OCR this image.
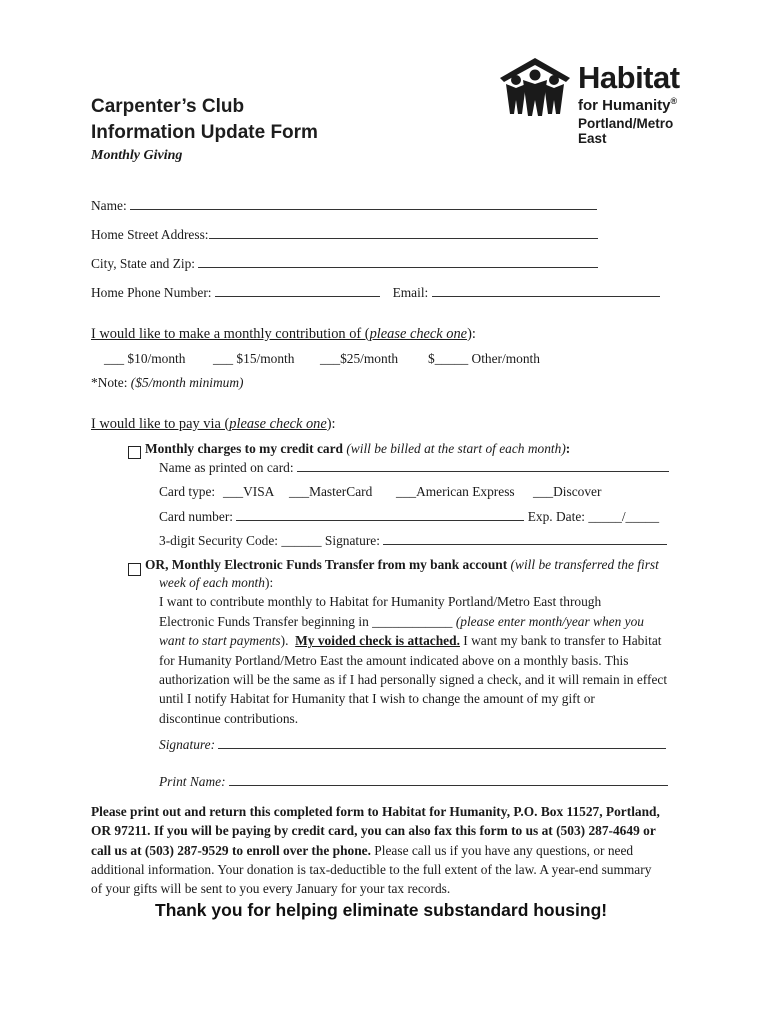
Habitat
for Humanity®
Portland/Metro East
Carpenter’s Club
Information Update Form
Monthly Giving
Name:
Home Street Address:
City, State and Zip:
Home Phone Number:	Email:
I would like to make a monthly contribution of (please check one):
___ $10/month ___ $15/month ___$25/month $_____ Other/month
*Note: ($5/month minimum)
I would like to pay via (please check one):
Monthly charges to my credit card (will be billed at the start of each month):
Name as printed on card:
Card type: ___VISA ___MasterCard ___American Express ___Discover
Card number:	Exp. Date: _____/_____
3-digit Security Code: ______ Signature:
OR, Monthly Electronic Funds Transfer from my bank account (will be transferred the first
week of each month):
I want to contribute monthly to Habitat for Humanity Portland/Metro East through
Electronic Funds Transfer beginning in ____________ (please enter month/year when you
want to start payments).  My voided check is attached. I want my bank to transfer to Habitat
for Humanity Portland/Metro East the amount indicated above on a monthly basis. This
authorization will be the same as if I had personally signed a check, and it will remain in effect
until I notify Habitat for Humanity that I wish to change the amount of my gift or
discontinue contributions.
Signature:
Print Name:
Please print out and return this completed form to Habitat for Humanity, P.O. Box 11527, Portland,
OR 97211. If you will be paying by credit card, you can also fax this form to us at (503) 287-4649 or
call us at (503) 287-9529 to enroll over the phone. Please call us if you have any questions, or need
additional information. Your donation is tax-deductible to the full extent of the law. A year-end summary
of your gifts will be sent to you every January for your tax records.
Thank you for helping eliminate substandard housing!
